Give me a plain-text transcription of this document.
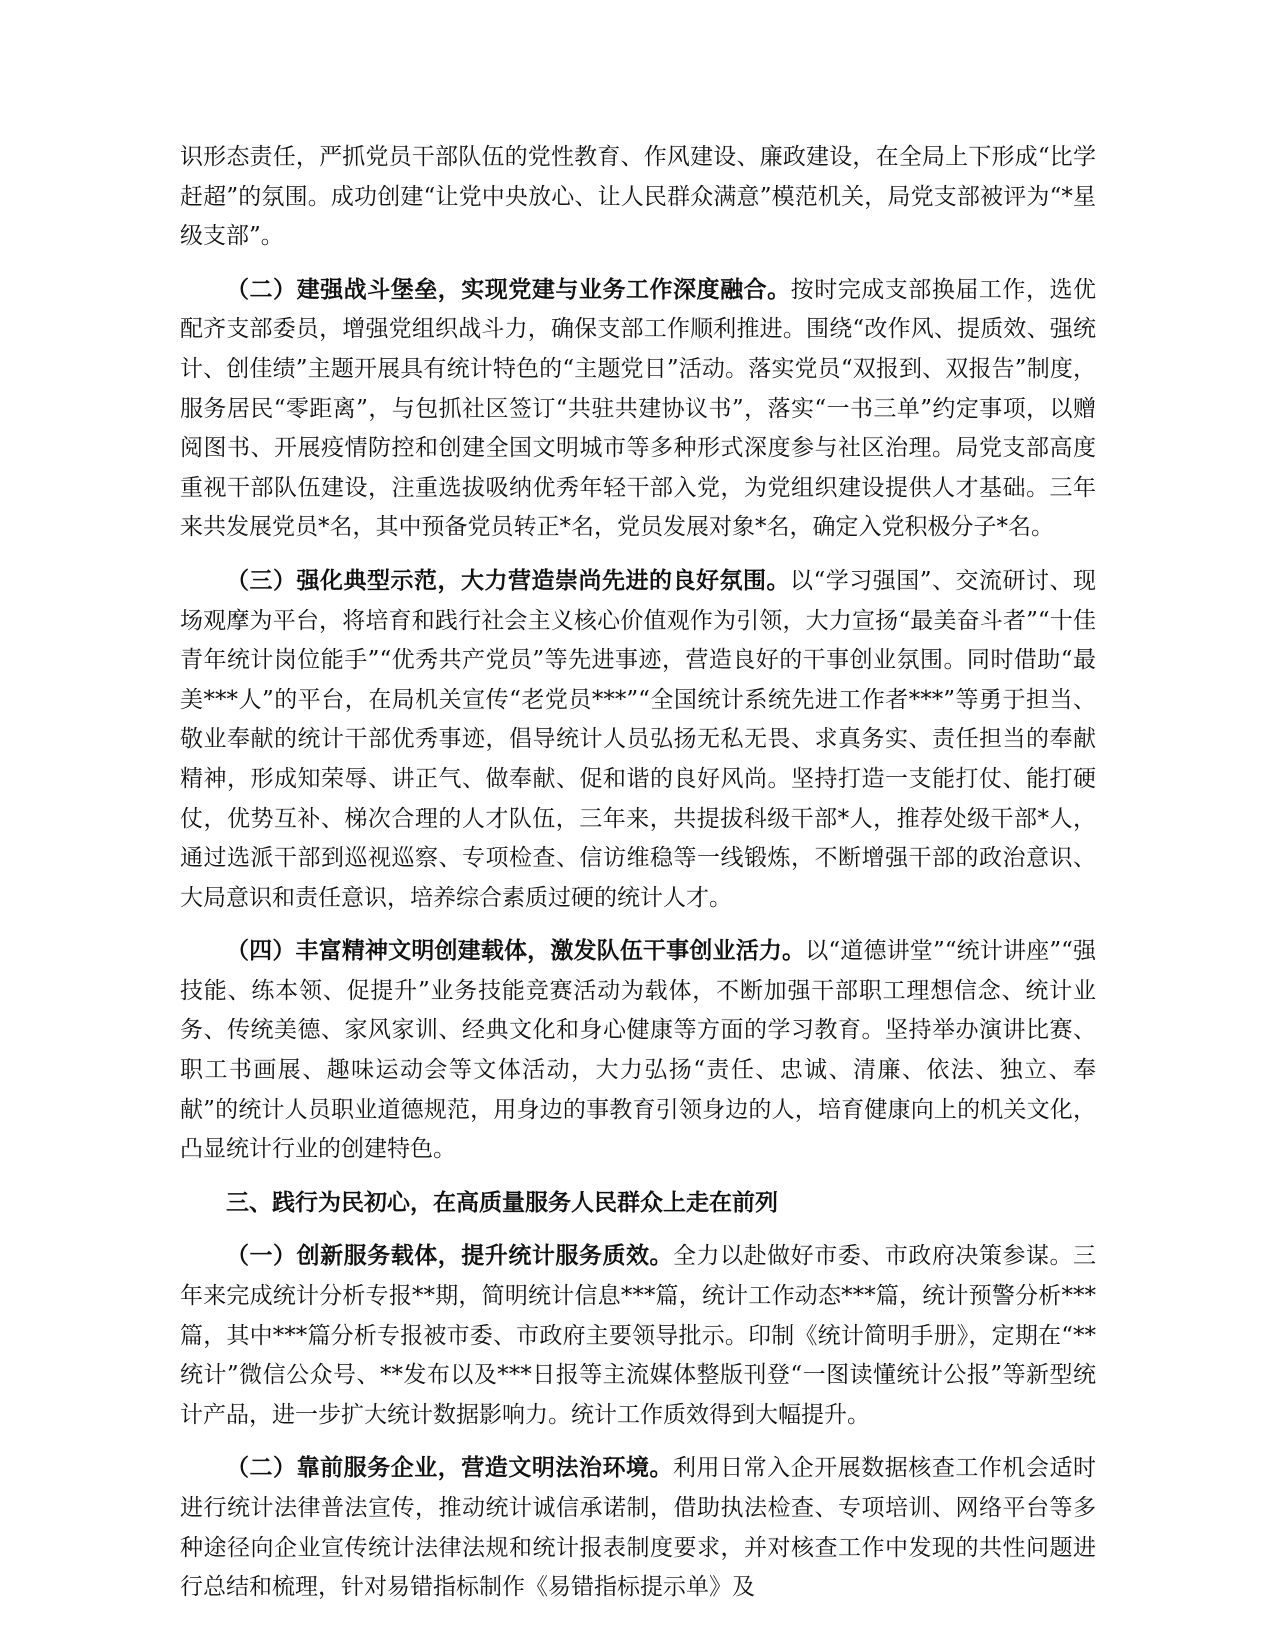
识形态责任，严抓党员干部队伍的党性教育、作风建设、廉政建设，在全局上下形成“比学赶超”的氛围。成功创建“让党中央放心、让人民群众满意”模范机关，局党支部被评为“*星级支部”。

（二）建强战斗堡垒，实现党建与业务工作深度融合。按时完成支部换届工作，选优配齐支部委员，增强党组织战斗力，确保支部工作顺利推进。围绕“改作风、提质效、强统计、创佳绩”主题开展具有统计特色的“主题党日”活动。落实党员“双报到、双报告”制度，服务居民“零距离”，与包抓社区签订“共驻共建协议书”，落实“一书三单”约定事项，以赠阅图书、开展疫情防控和创建全国文明城市等多种形式深度参与社区治理。局党支部高度重视干部队伍建设，注重选拔吸纳优秀年轻干部入党，为党组织建设提供人才基础。三年来共发展党员*名，其中预备党员转正*名，党员发展对象*名，确定入党积极分子*名。

（三）强化典型示范，大力营造崇尚先进的良好氛围。以“学习强国”、交流研讨、现场观摩为平台，将培育和践行社会主义核心价值观作为引领，大力宣扬“最美奋斗者”“十佳青年统计岗位能手”“优秀共产党员”等先进事迹，营造良好的干事创业氛围。同时借助“最美***人”的平台，在局机关宣传“老党员***”“全国统计系统先进工作者***”等勇于担当、敬业奉献的统计干部优秀事迹，倡导统计人员弘扬无私无畏、求真务实、责任担当的奉献精神，形成知荣辱、讲正气、做奉献、促和谐的良好风尚。坚持打造一支能打仗、能打硬仗，优势互补、梯次合理的人才队伍，三年来，共提拔科级干部*人，推荐处级干部*人，通过选派干部到巡视巡察、专项检查、信访维稳等一线锻炼，不断增强干部的政治意识、大局意识和责任意识，培养综合素质过硬的统计人才。

（四）丰富精神文明创建载体，激发队伍干事创业活力。以“道德讲堂”“统计讲座”“强技能、练本领、促提升”业务技能竞赛活动为载体，不断加强干部职工理想信念、统计业务、传统美德、家风家训、经典文化和身心健康等方面的学习教育。坚持举办演讲比赛、职工书画展、趣味运动会等文体活动，大力弘扬“责任、忠诚、清廉、依法、独立、奉献”的统计人员职业道德规范，用身边的事教育引领身边的人，培育健康向上的机关文化，凸显统计行业的创建特色。

三、践行为民初心，在高质量服务人民群众上走在前列

（一）创新服务载体，提升统计服务质效。全力以赴做好市委、市政府决策参谋。三年来完成统计分析专报**期，简明统计信息***篇，统计工作动态***篇，统计预警分析***篇，其中***篇分析专报被市委、市政府主要领导批示。印制《统计简明手册》，定期在“**统计”微信公众号、**发布以及***日报等主流媒体整版刊登“一图读懂统计公报”等新型统计产品，进一步扩大统计数据影响力。统计工作质效得到大幅提升。

（二）靠前服务企业，营造文明法治环境。利用日常入企开展数据核查工作机会适时进行统计法律普法宣传，推动统计诚信承诺制，借助执法检查、专项培训、网络平台等多种途径向企业宣传统计法律法规和统计报表制度要求，并对核查工作中发现的共性问题进行总结和梳理，针对易错指标制作《易错指标提示单》及
